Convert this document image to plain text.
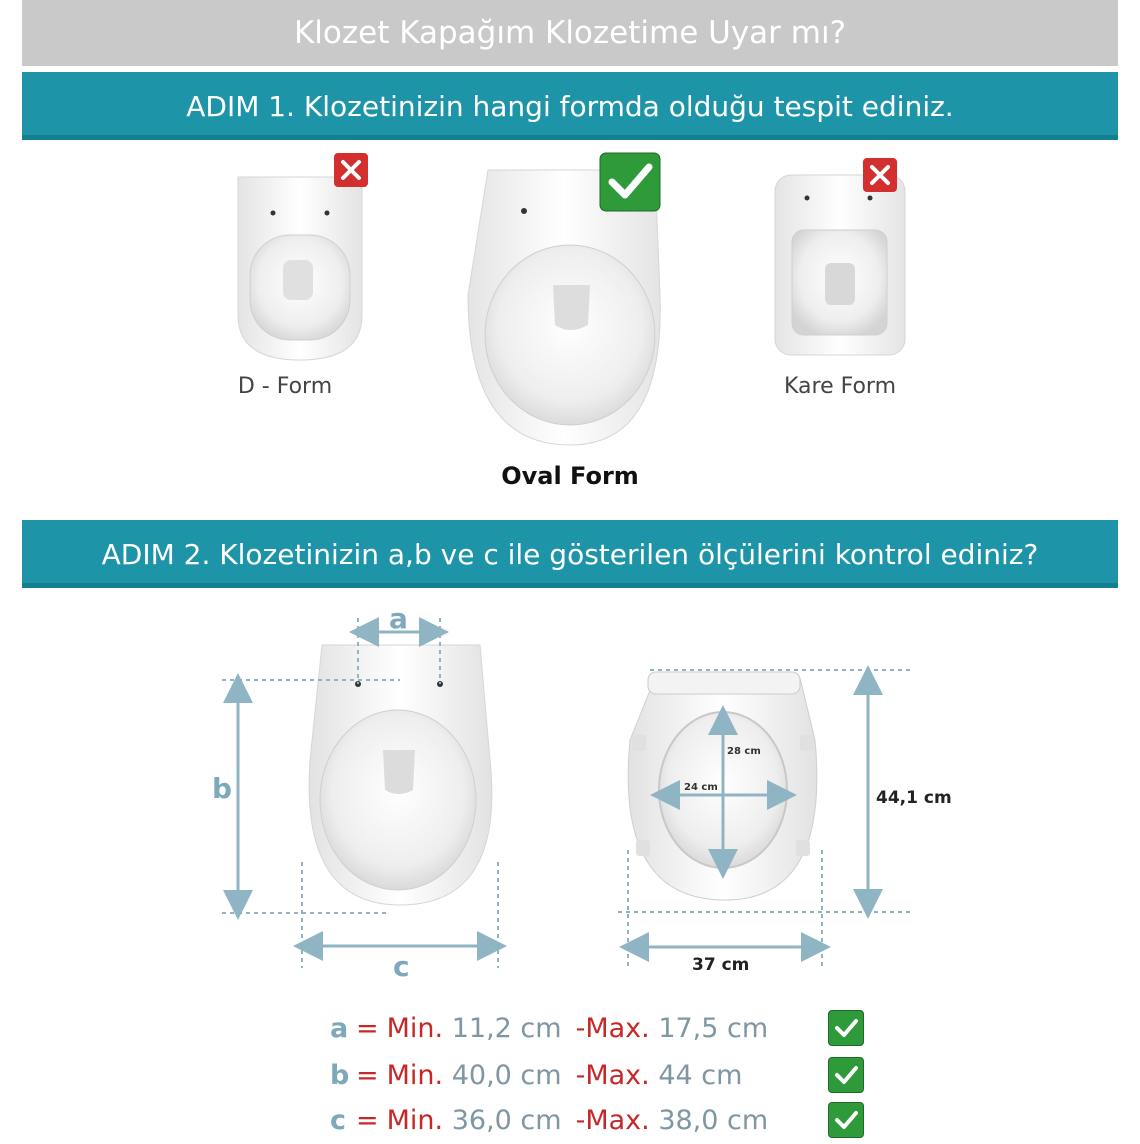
Klozet Kapağım Klozetime Uyar mı?
ADIM 1. Klozetinizin hangi formda olduğu tespit ediniz.
D - Form
Oval Form
Kare Form
ADIM 2. Klozetinizin a,b ve c ile gösterilen ölçülerini kontrol ediniz?
a
b
c
44,1 cm
37 cm
28 cm
24 cm
a = Min.
11,2 cm -Max.
17,5 cm
b = Min.
40,0 cm -Max.
44 cm
c = Min.
36,0 cm -Max.
38,0 cm
